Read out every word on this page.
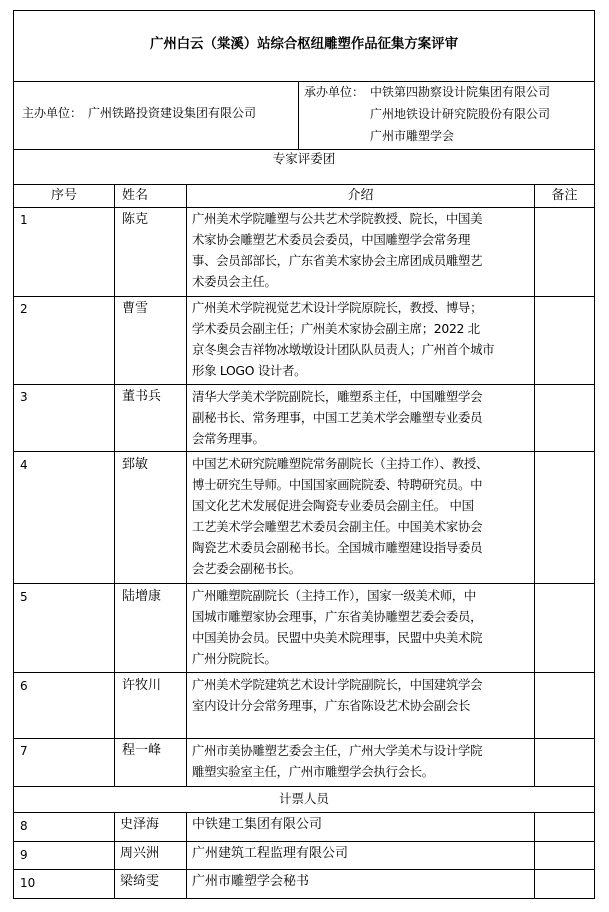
广州白云（棠溪）站综合枢纽雕塑作品征集方案评审
主办单位： 广州铁路投资建设集团有限公司
承办单位： 中铁第四勘察设计院集团有限公司
广州地铁设计研究院股份有限公司
广州市雕塑学会
专家评委团
序号	姓名	介绍	备注
1	陈克	广州美术学院雕塑与公共艺术学院教授、院长，中国美
术家协会雕塑艺术委员会委员，中国雕塑学会常务理
事、会员部部长，广东省美术家协会主席团成员雕塑艺
术委员会主任。
2	曹雪	广州美术学院视觉艺术设计学院原院长，教授、博导；
学术委员会副主任；广州美术家协会副主席；2022 北
京冬奥会吉祥物冰墩墩设计团队队员责人；广州首个城市
形象 LOGO 设计者。
3	董书兵	清华大学美术学院副院长，雕塑系主任，中国雕塑学会
副秘书长、常务理事，中国工艺美术学会雕塑专业委员
会常务理事。
4	郅敏	中国艺术研究院雕塑院常务副院长（主持工作）、教授、
博士研究生导师。中国国家画院院委、特聘研究员。中
国文化艺术发展促进会陶瓷专业委员会副主任。 中国
工艺美术学会雕塑艺术委员会副主任。中国美术家协会
陶瓷艺术委员会副秘书长。全国城市雕塑建设指导委员
会艺委会副秘书长。
5	陆增康	广州雕塑院副院长（主持工作），国家一级美术师，中
国城市雕塑家协会理事，广东省美协雕塑艺委会委员，
中国美协会员。民盟中央美术院理事，民盟中央美术院
广州分院院长。
6	许牧川	广州美术学院建筑艺术设计学院副院长，中国建筑学会
室内设计分会常务理事，广东省陈设艺术协会副会长
7	程一峰	广州市美协雕塑艺委会主任，广州大学美术与设计学院
雕塑实验室主任，广州市雕塑学会执行会长。
计票人员
8	史泽海	中铁建工集团有限公司
9	周兴洲	广州建筑工程监理有限公司
10	梁绮雯	广州市雕塑学会秘书
